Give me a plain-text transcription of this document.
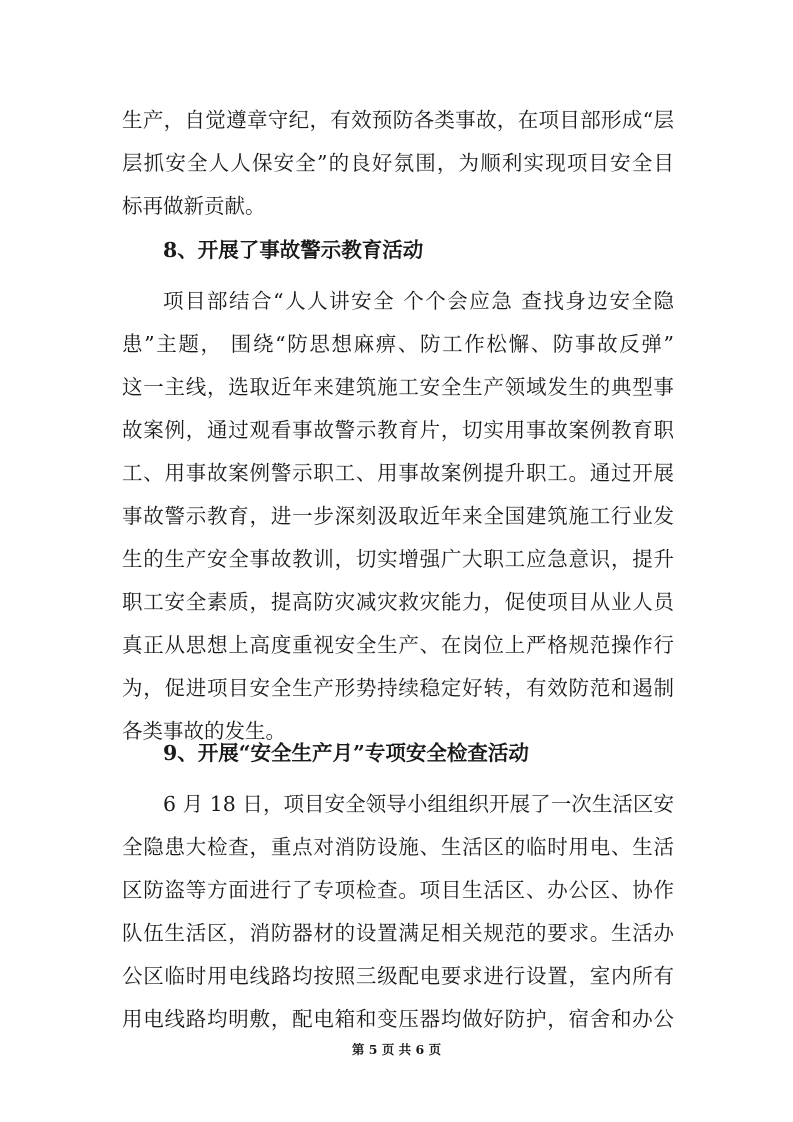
生产，自觉遵章守纪，有效预防各类事故，在项目部形成“层
层抓安全人人保安全”的良好氛围，为顺利实现项目安全目
标再做新贡献。
8、开展了事故警示教育活动
项目部结合“人人讲安全 个个会应急 查找身边安全隐
患”主题， 围绕“防思想麻痹、防工作松懈、防事故反弹”
这一主线，选取近年来建筑施工安全生产领域发生的典型事
故案例，通过观看事故警示教育片，切实用事故案例教育职
工、用事故案例警示职工、用事故案例提升职工。通过开展
事故警示教育，进一步深刻汲取近年来全国建筑施工行业发
生的生产安全事故教训，切实增强广大职工应急意识，提升
职工安全素质，提高防灾减灾救灾能力，促使项目从业人员
真正从思想上高度重视安全生产、在岗位上严格规范操作行
为，促进项目安全生产形势持续稳定好转，有效防范和遏制
各类事故的发生。
9、开展“安全生产月”专项安全检查活动
6 月 18 日，项目安全领导小组组织开展了一次生活区安
全隐患大检查，重点对消防设施、生活区的临时用电、生活
区防盗等方面进行了专项检查。项目生活区、办公区、协作
队伍生活区，消防器材的设置满足相关规范的要求。生活办
公区临时用电线路均按照三级配电要求进行设置，室内所有
用电线路均明敷，配电箱和变压器均做好防护，宿舍和办公
第 5 页 共 6 页
